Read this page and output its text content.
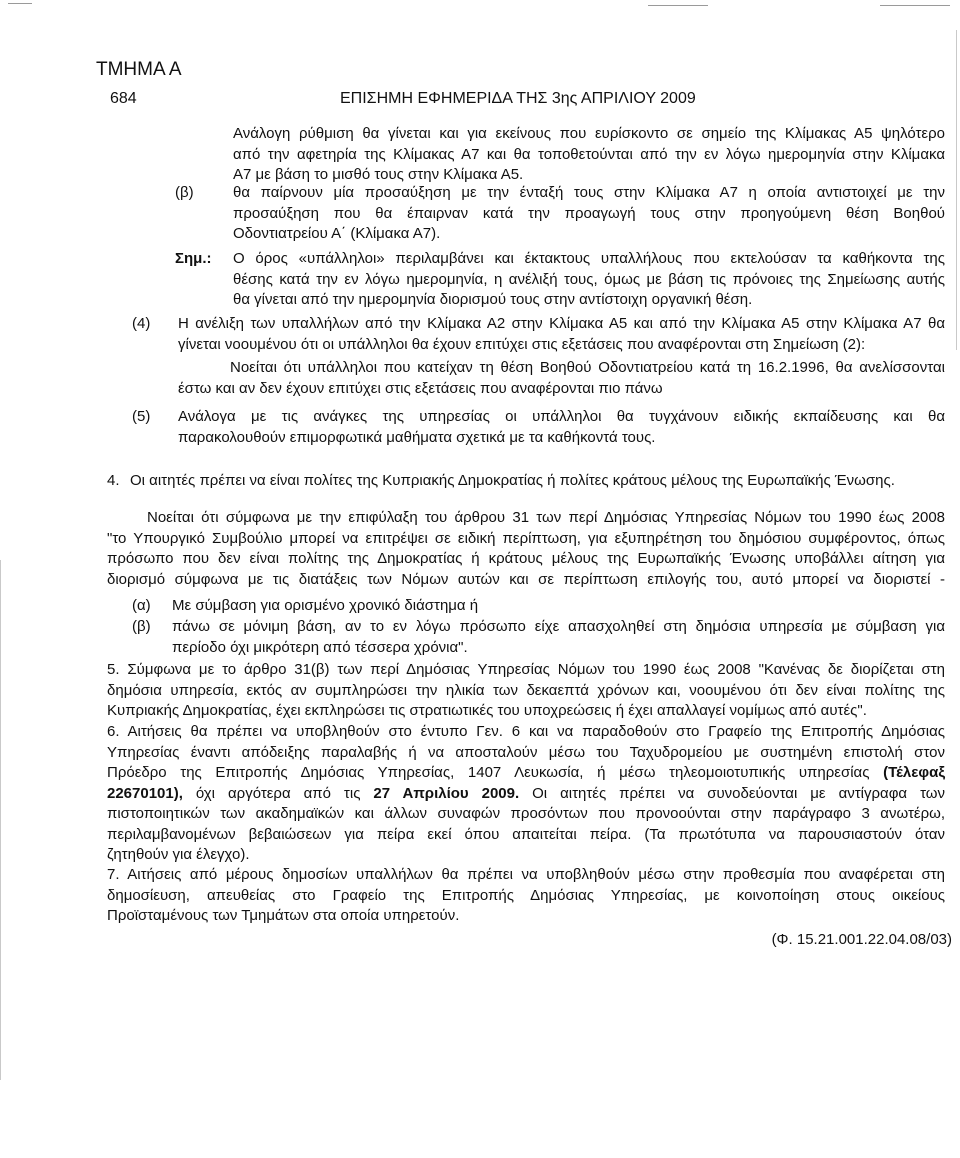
ΤΜΗΜΑ Α
684	ΕΠΙΣΗΜΗ ΕΦΗΜΕΡΙΔΑ ΤΗΣ 3ης ΑΠΡΙΛΙΟΥ 2009
Ανάλογη ρύθμιση θα γίνεται και για εκείνους που ευρίσκοντο σε σημείο της Κλίμακας Α5 ψηλότερο
από την αφετηρία της Κλίμακας Α7 και θα τοποθετούνται από την εν λόγω ημερομηνία στην Κλίμακα
Α7 με βάση το μισθό τους στην Κλίμακα Α5.
(β)	θα παίρνουν μία προσαύξηση με την ένταξή τους στην Κλίμακα Α7 η οποία αντιστοιχεί με την
προσαύξηση που θα έπαιρναν κατά την προαγωγή τους στην προηγούμενη θέση Βοηθού
Οδοντιατρείου Α΄ (Κλίμακα Α7).
Σημ.: Ο όρος «υπάλληλοι» περιλαμβάνει και έκτακτους υπαλλήλους που εκτελούσαν τα καθήκοντα της
θέσης κατά την εν λόγω ημερομηνία, η ανέλιξή τους, όμως με βάση τις πρόνοιες της Σημείωσης αυτής
θα γίνεται από την ημερομηνία διορισμού τους στην αντίστοιχη οργανική θέση.
(4) Η ανέλιξη των υπαλλήλων από την Κλίμακα Α2 στην Κλίμακα Α5 και από την Κλίμακα Α5 στην Κλίμακα Α7 θα
γίνεται νοουμένου ότι οι υπάλληλοι θα έχουν επιτύχει στις εξετάσεις που αναφέρονται στη Σημείωση (2):
Νοείται ότι υπάλληλοι που κατείχαν τη θέση Βοηθού Οδοντιατρείου κατά τη 16.2.1996, θα ανελίσσονται
έστω και αν δεν έχουν επιτύχει στις εξετάσεις που αναφέρονται πιο πάνω
(5) Ανάλογα με τις ανάγκες της υπηρεσίας οι υπάλληλοι θα τυγχάνουν ειδικής εκπαίδευσης και θα
παρακολουθούν επιμορφωτικά μαθήματα σχετικά με τα καθήκοντά τους.
4. Οι αιτητές πρέπει να είναι πολίτες της Κυπριακής Δημοκρατίας ή πολίτες κράτους μέλους της Ευρωπαϊκής Ένωσης.
Νοείται ότι σύμφωνα με την επιφύλαξη του άρθρου 31 των περί Δημόσιας Υπηρεσίας Νόμων του 1990 έως 2008
"το Υπουργικό Συμβούλιο μπορεί να επιτρέψει σε ειδική περίπτωση, για εξυπηρέτηση του δημόσιου συμφέροντος, όπως
πρόσωπο που δεν είναι πολίτης της Δημοκρατίας ή κράτους μέλους της Ευρωπαϊκής Ένωσης υποβάλλει αίτηση για
διορισμό σύμφωνα με τις διατάξεις των Νόμων αυτών και σε περίπτωση επιλογής του, αυτό μπορεί να διοριστεί -
(α) Με σύμβαση για ορισμένο χρονικό διάστημα ή
(β) πάνω σε μόνιμη βάση, αν το εν λόγω πρόσωπο είχε απασχοληθεί στη δημόσια υπηρεσία με σύμβαση για
περίοδο όχι μικρότερη από τέσσερα χρόνια".
5. Σύμφωνα με το άρθρο 31(β) των περί Δημόσιας Υπηρεσίας Νόμων του 1990 έως 2008 "Κανένας δε διορίζεται στη
δημόσια υπηρεσία, εκτός αν συμπληρώσει την ηλικία των δεκαεπτά χρόνων και, νοουμένου ότι δεν είναι πολίτης της
Κυπριακής Δημοκρατίας, έχει εκπληρώσει τις στρατιωτικές του υποχρεώσεις ή έχει απαλλαγεί νομίμως από αυτές".
6. Αιτήσεις θα πρέπει να υποβληθούν στο έντυπο Γεν. 6 και να παραδοθούν στο Γραφείο της Επιτροπής Δημόσιας
Υπηρεσίας έναντι απόδειξης παραλαβής ή να αποσταλούν μέσω του Ταχυδρομείου με συστημένη επιστολή στον
Πρόεδρο της Επιτροπής Δημόσιας Υπηρεσίας, 1407 Λευκωσία, ή μέσω τηλεομοιοτυπικής υπηρεσίας (Τέλεφαξ
22670101), όχι αργότερα από τις 27 Απριλίου 2009. Οι αιτητές πρέπει να συνοδεύονται με αντίγραφα των
πιστοποιητικών των ακαδημαϊκών και άλλων συναφών προσόντων που προνοούνται στην παράγραφο 3 ανωτέρω,
περιλαμβανομένων βεβαιώσεων για πείρα εκεί όπου απαιτείται πείρα. (Τα πρωτότυπα να παρουσιαστούν όταν
ζητηθούν για έλεγχο).
7. Αιτήσεις από μέρους δημοσίων υπαλλήλων θα πρέπει να υποβληθούν μέσω στην προθεσμία που αναφέρεται στη
δημοσίευση, απευθείας στο Γραφείο της Επιτροπής Δημόσιας Υπηρεσίας, με κοινοποίηση στους οικείους
Προϊσταμένους των Τμημάτων στα οποία υπηρετούν.
(Φ. 15.21.001.22.04.08/03)
